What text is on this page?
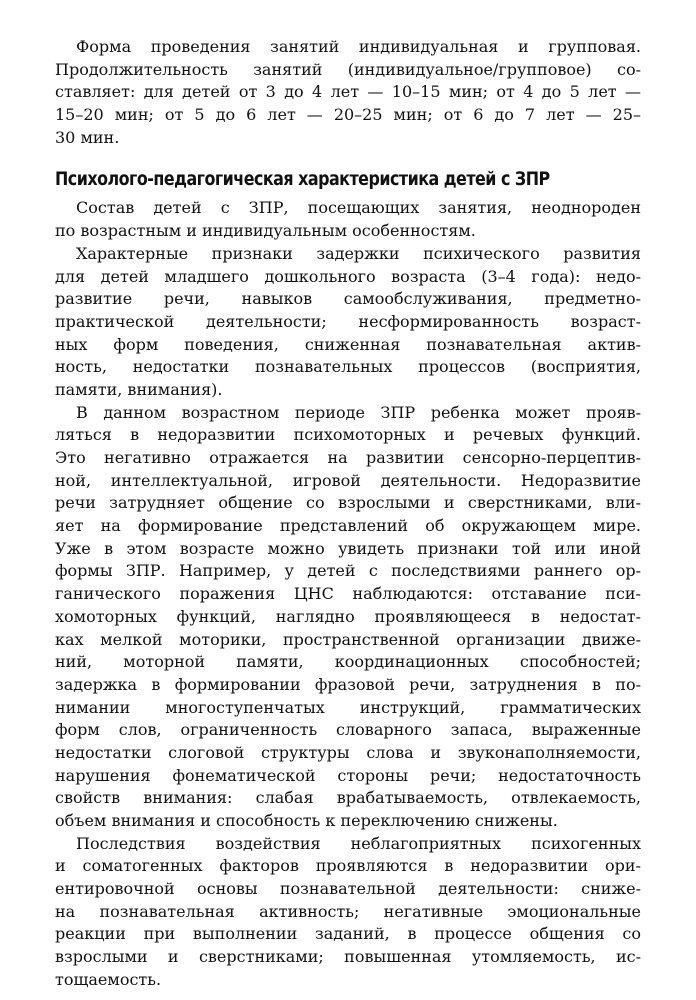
Форма проведения занятий индивидуальная и групповая.
Продолжительность занятий (индивидуальное/групповое) со-
ставляет: для детей от 3 до 4 лет — 10–15 мин; от 4 до 5 лет —
15–20 мин; от 5 до 6 лет — 20–25 мин; от 6 до 7 лет — 25–
30 мин.
Психолого-педагогическая характеристика детей с ЗПР
Состав детей с ЗПР, посещающих занятия, неоднороден
по возрастным и индивидуальным особенностям.
Характерные признаки задержки психического развития
для детей младшего дошкольного возраста (3–4 года): недо-
развитие речи, навыков самообслуживания, предметно-
практической деятельности; несформированность возраст-
ных форм поведения, сниженная познавательная актив-
ность, недостатки познавательных процессов (восприятия,
памяти, внимания).
В данном возрастном периоде ЗПР ребенка может прояв-
ляться в недоразвитии психомоторных и речевых функций.
Это негативно отражается на развитии сенсорно-перцептив-
ной, интеллектуальной, игровой деятельности. Недоразвитие
речи затрудняет общение со взрослыми и сверстниками, вли-
яет на формирование представлений об окружающем мире.
Уже в этом возрасте можно увидеть признаки той или иной
формы ЗПР. Например, у детей с последствиями раннего ор-
ганического поражения ЦНС наблюдаются: отставание пси-
хомоторных функций, наглядно проявляющееся в недостат-
ках мелкой моторики, пространственной организации движе-
ний, моторной памяти, координационных способностей;
задержка в формировании фразовой речи, затруднения в по-
нимании многоступенчатых инструкций, грамматических
форм слов, ограниченность словарного запаса, выраженные
недостатки слоговой структуры слова и звуконаполняемости,
нарушения фонематической стороны речи; недостаточность
свойств внимания: слабая врабатываемость, отвлекаемость,
объем внимания и способность к переключению снижены.
Последствия воздействия неблагоприятных психогенных
и соматогенных факторов проявляются в недоразвитии ори-
ентировочной основы познавательной деятельности: сниже-
на познавательная активность; негативные эмоциональные
реакции при выполнении заданий, в процессе общения со
взрослыми и сверстниками; повышенная утомляемость, ис-
тощаемость.
